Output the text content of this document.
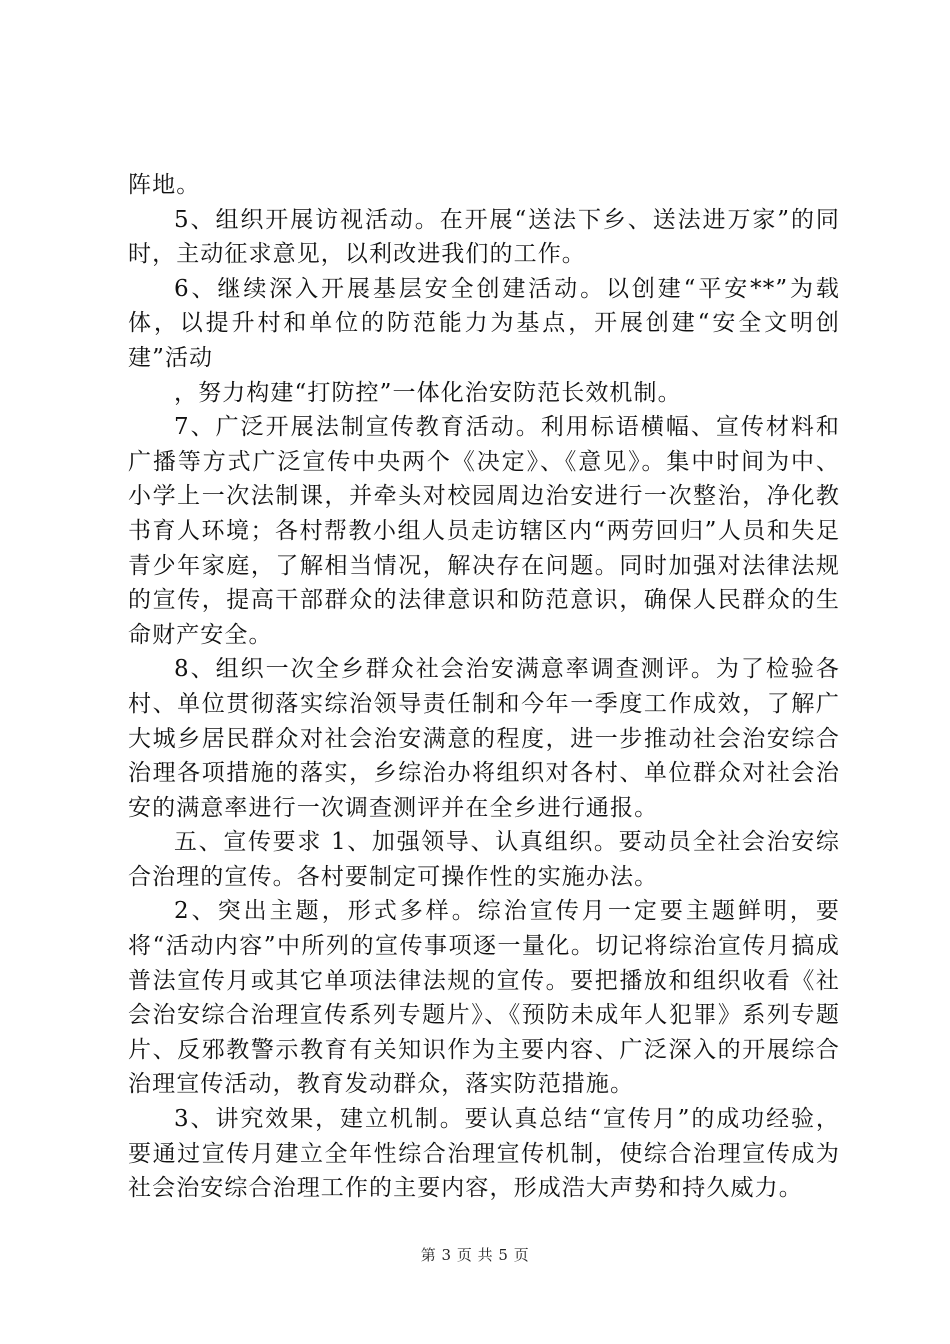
阵地。

5、组织开展访视活动。在开展“送法下乡、送法进万家”的同时，主动征求意见，以利改进我们的工作。

6、继续深入开展基层安全创建活动。以创建“平安**”为载体，以提升村和单位的防范能力为基点，开展创建“安全文明创建”活动

，努力构建“打防控”一体化治安防范长效机制。

7、广泛开展法制宣传教育活动。利用标语横幅、宣传材料和广播等方式广泛宣传中央两个《决定》、《意见》。集中时间为中、小学上一次法制课，并牵头对校园周边治安进行一次整治，净化教书育人环境；各村帮教小组人员走访辖区内“两劳回归”人员和失足青少年家庭，了解相当情况，解决存在问题。同时加强对法律法规的宣传，提高干部群众的法律意识和防范意识，确保人民群众的生命财产安全。

8、组织一次全乡群众社会治安满意率调查测评。为了检验各村、单位贯彻落实综治领导责任制和今年一季度工作成效，了解广大城乡居民群众对社会治安满意的程度，进一步推动社会治安综合治理各项措施的落实，乡综治办将组织对各村、单位群众对社会治安的满意率进行一次调查测评并在全乡进行通报。

五、宣传要求 1、加强领导、认真组织。要动员全社会治安综合治理的宣传。各村要制定可操作性的实施办法。

2、突出主题，形式多样。综治宣传月一定要主题鲜明，要将“活动内容”中所列的宣传事项逐一量化。切记将综治宣传月搞成普法宣传月或其它单项法律法规的宣传。要把播放和组织收看《社会治安综合治理宣传系列专题片》、《预防未成年人犯罪》系列专题片、反邪教警示教育有关知识作为主要内容、广泛深入的开展综合治理宣传活动，教育发动群众，落实防范措施。

3、讲究效果，建立机制。要认真总结“宣传月”的成功经验，要通过宣传月建立全年性综合治理宣传机制，使综合治理宣传成为社会治安综合治理工作的主要内容，形成浩大声势和持久威力。

第 3 页 共 5 页
